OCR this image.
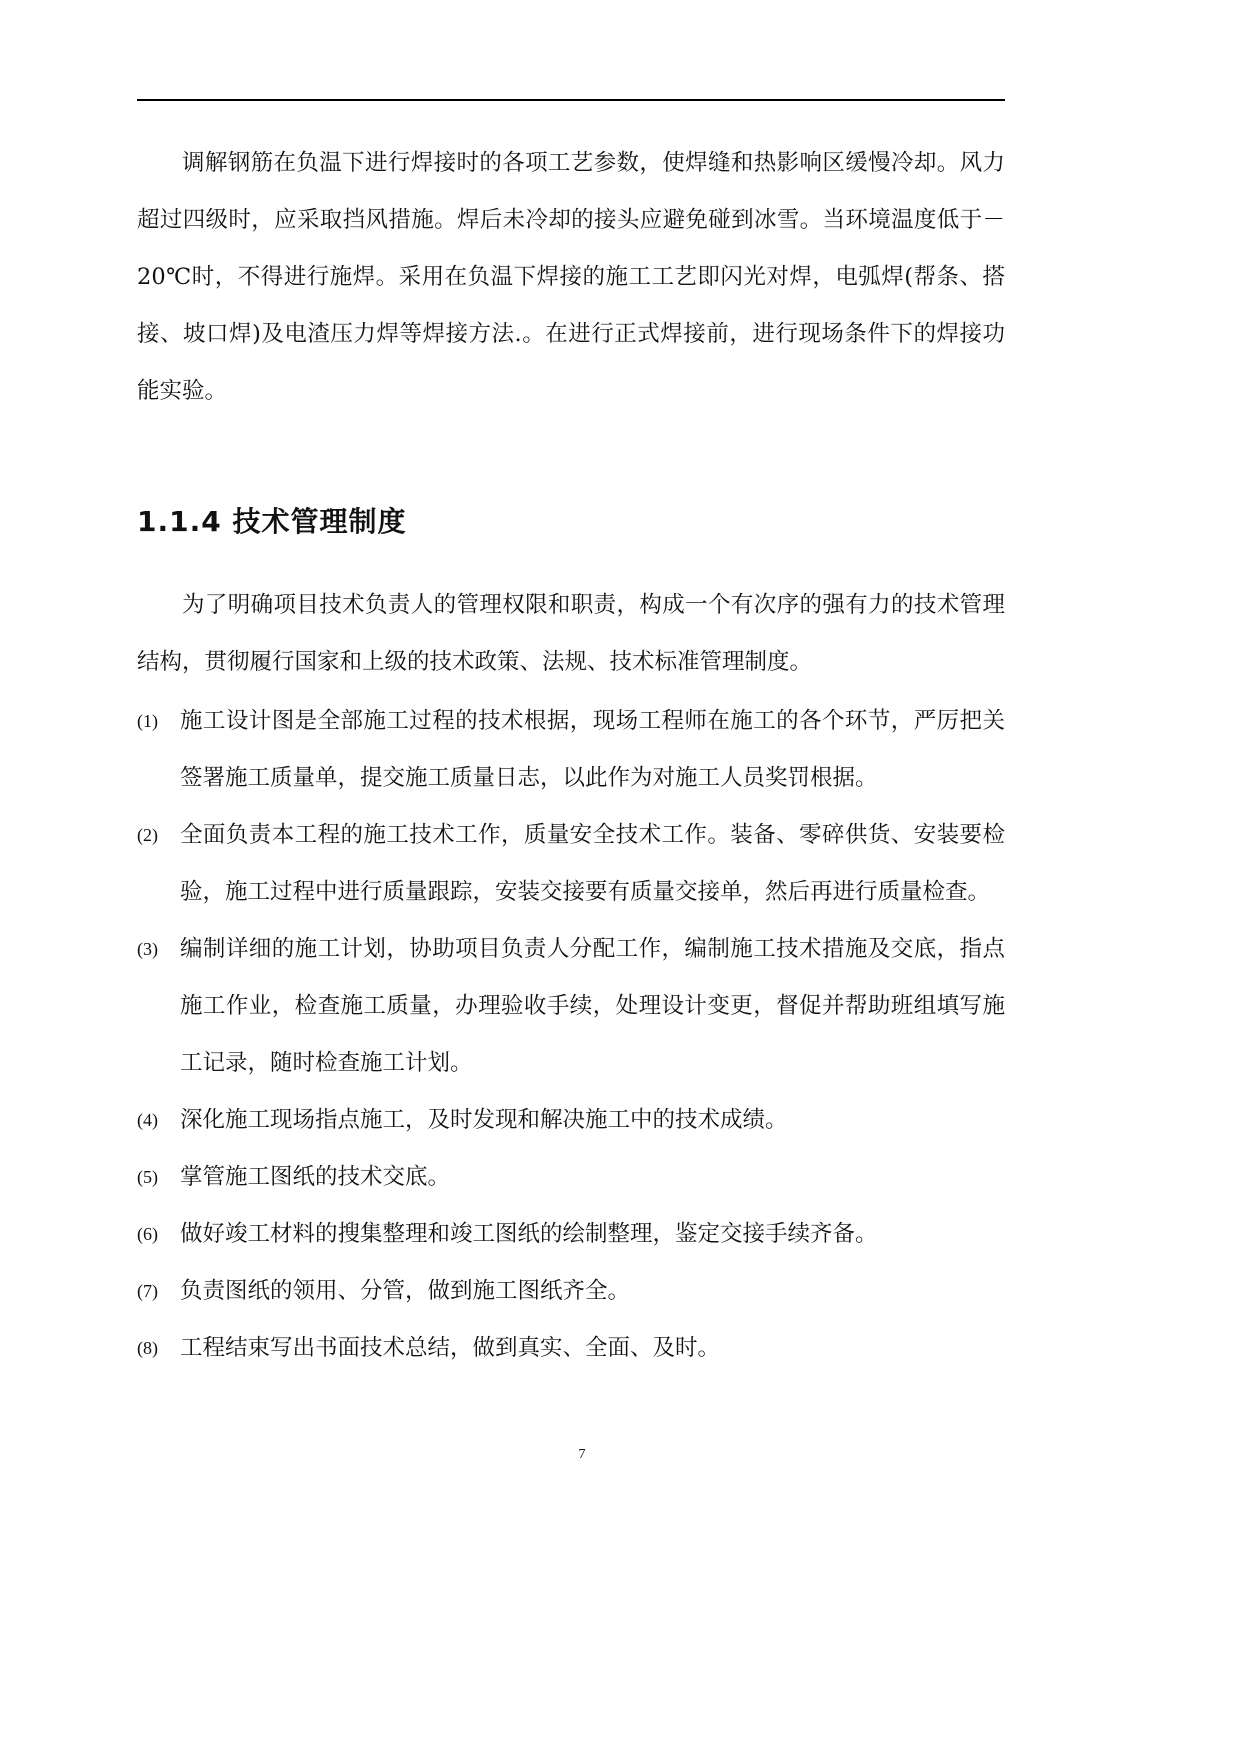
调解钢筋在负温下进行焊接时的各项工艺参数，使焊缝和热影响区缓慢冷却。风力超过四级时，应采取挡风措施。焊后未冷却的接头应避免碰到冰雪。当环境温度低于－20℃时，不得进行施焊。采用在负温下焊接的施工工艺即闪光对焊，电弧焊(帮条、搭接、坡口焊)及电渣压力焊等焊接方法.。在进行正式焊接前，进行现场条件下的焊接功能实验。

1.1.4 技术管理制度

为了明确项目技术负责人的管理权限和职责，构成一个有次序的强有力的技术管理结构，贯彻履行国家和上级的技术政策、法规、技术标准管理制度。

(1) 施工设计图是全部施工过程的技术根据，现场工程师在施工的各个环节，严厉把关签署施工质量单，提交施工质量日志，以此作为对施工人员奖罚根据。
(2) 全面负责本工程的施工技术工作，质量安全技术工作。装备、零碎供货、安装要检验，施工过程中进行质量跟踪，安装交接要有质量交接单，然后再进行质量检查。
(3) 编制详细的施工计划，协助项目负责人分配工作，编制施工技术措施及交底，指点施工作业，检查施工质量，办理验收手续，处理设计变更，督促并帮助班组填写施工记录，随时检查施工计划。
(4) 深化施工现场指点施工，及时发现和解决施工中的技术成绩。
(5) 掌管施工图纸的技术交底。
(6) 做好竣工材料的搜集整理和竣工图纸的绘制整理，鉴定交接手续齐备。
(7) 负责图纸的领用、分管，做到施工图纸齐全。
(8) 工程结束写出书面技术总结，做到真实、全面、及时。
7
